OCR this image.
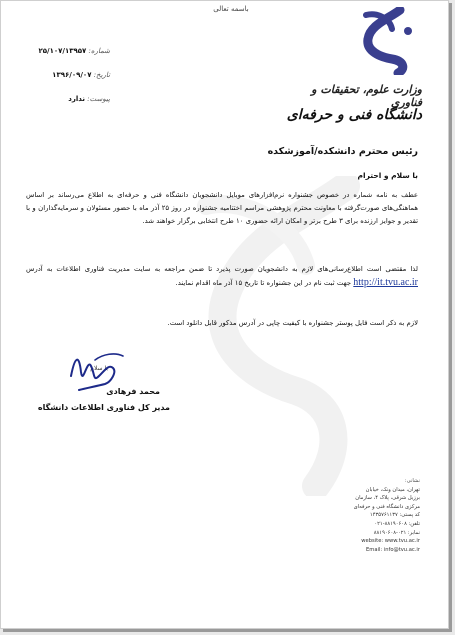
باسمه تعالی
شماره: ۲۵/۱۰۷/۱۳۹۵۷
تاریخ: ۱۳۹۶/۰۹/۰۷
پیوست: ندارد
وزارت علوم، تحقیقات و فناوری
دانشگاه فنی و حرفه‌ای
رئیس محترم دانشکده/آموزشکده
با سلام و احترام
عطف به نامه شماره در خصوص جشنواره نرم‌افزارهای موبایل دانشجویان دانشگاه فنی و حرفه‌ای به اطلاع می‌رساند بر اساس هماهنگی‌های صورت‌گرفته با معاونت محترم پژوهشی مراسم اختتامیه جشنواره در روز ۲۵ آذر ماه با حضور مسئولان و سرمایه‌گذاران و با تقدیر و جوایز ارزنده برای ۳ طرح برتر و امکان ارائه حضوری ۱۰ طرح انتخابی برگزار خواهند شد.
لذا مقتضی است اطلاع‌رسانی‌های لازم به دانشجویان صورت پذیرد تا ضمن مراجعه به سایت مدیریت فناوری اطلاعات به آدرس http://it.tvu.ac.ir جهت ثبت نام در این جشنواره تا تاریخ ۱۵ آذر ماه اقدام نمایند.
لازم به ذکر است فایل پوستر جشنواره با کیفیت چاپی در آدرس مذکور قابل دانلود است.
با سلام
محمد فرهادی
مدیر کل فناوری اطلاعات دانشگاه
نشانی:
تهران، میدان ونک، خیابان
برزیل شرقی، پلاک ۴، سازمان
مرکزی دانشگاه فنی و حرفه‌ای
کد پستی: ۱۴۳۵۷۶۱۱۳۷
تلفن: ۸۸۱۹۰۶۰۸-۰۲۱
نمابر: ۰۲۱-۸۸۱۹۰۶۰۸
website: www.tvu.ac.ir
Email: info@tvu.ac.ir
